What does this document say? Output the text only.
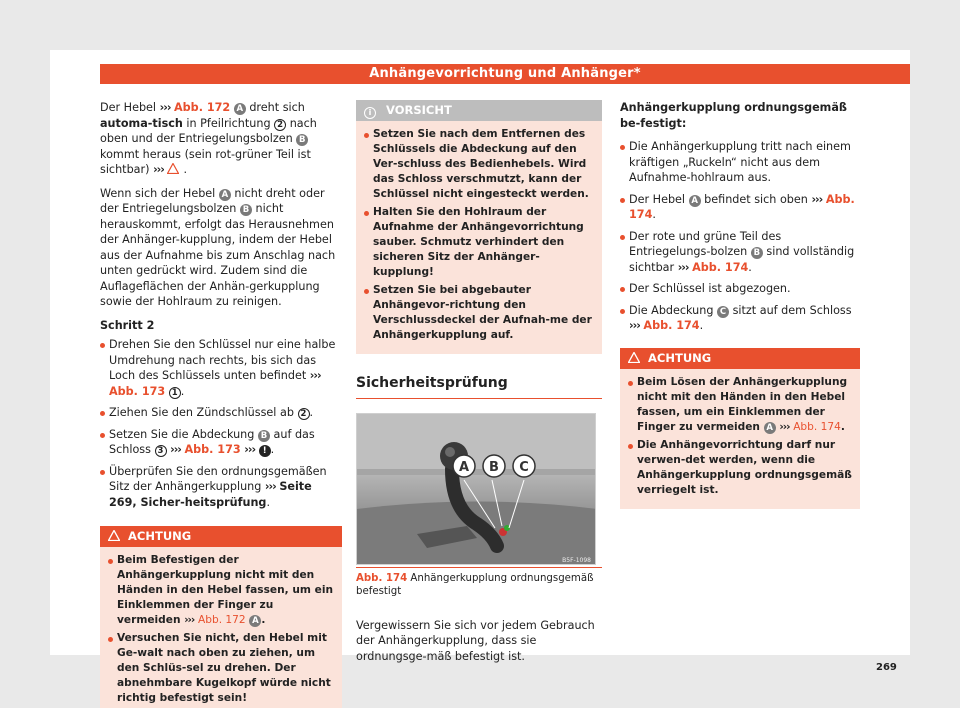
Anhängevorrichtung und Anhänger*

Der Hebel ››› Abb. 172 A dreht sich automa-tisch in Pfeilrichtung 2 nach oben und der Entriegelungsbolzen B kommt heraus (sein rot-grüner Teil ist sichtbar) ››› .

Wenn sich der Hebel A nicht dreht oder der Entriegelungsbolzen B nicht herauskommt, erfolgt das Herausnehmen der Anhänger-kupplung, indem der Hebel aus der Aufnahme bis zum Anschlag nach unten gedrückt wird. Zudem sind die Auflageflächen der Anhän-gerkupplung sowie der Hohlraum zu reinigen.

Schritt 2

Drehen Sie den Schlüssel nur eine halbe Umdrehung nach rechts, bis sich das Loch des Schlüssels unten befindet ››› Abb. 173 1 .
Ziehen Sie den Zündschlüssel ab 2 .
Setzen Sie die Abdeckung B auf das Schloss 3 ››› Abb. 173 ››› ! .
Überprüfen Sie den ordnungsgemäßen Sitz der Anhängerkupplung ››› Seite 269, Sicher-heitsprüfung.
ACHTUNG
Beim Befestigen der Anhängerkupplung nicht mit den Händen in den Hebel fassen, um ein Einklemmen der Finger zu vermeiden ››› Abb. 172 A .
Versuchen Sie nicht, den Hebel mit Ge-walt nach oben zu ziehen, um den Schlüs-sel zu drehen. Der abnehmbare Kugelkopf würde nicht richtig befestigt sein!
i VORSICHT
Setzen Sie nach dem Entfernen des Schlüssels die Abdeckung auf den Ver-schluss des Bedienhebels. Wird das Schloss verschmutzt, kann der Schlüssel nicht eingesteckt werden.
Halten Sie den Hohlraum der Aufnahme der Anhängevorrichtung sauber. Schmutz verhindert den sicheren Sitz der Anhänger-kupplung!
Setzen Sie bei abgebauter Anhängevor-richtung den Verschlussdeckel der Aufnah-me der Anhängerkupplung auf.
Sicherheitsprüfung
A B C
B5F-1098
Abb. 174 Anhängerkupplung ordnungsgemäß befestigt

Vergewissern Sie sich vor jedem Gebrauch der Anhängerkupplung, dass sie ordnungsge-mäß befestigt ist.

Anhängerkupplung ordnungsgemäß be-festigt:

Die Anhängerkupplung tritt nach einem kräftigen „Ruckeln“ nicht aus dem Aufnahme-hohlraum aus.
Der Hebel A befindet sich oben ››› Abb. 174.
Der rote und grüne Teil des Entriegelungs-bolzen B sind vollständig sichtbar ››› Abb. 174.
Der Schlüssel ist abgezogen.
Die Abdeckung C sitzt auf dem Schloss ››› Abb. 174.
ACHTUNG
Beim Lösen der Anhängerkupplung nicht mit den Händen in den Hebel fassen, um ein Einklemmen der Finger zu vermeiden A ››› Abb. 174.
Die Anhängevorrichtung darf nur verwen-det werden, wenn die Anhängerkupplung ordnungsgemäß verriegelt ist.
269
